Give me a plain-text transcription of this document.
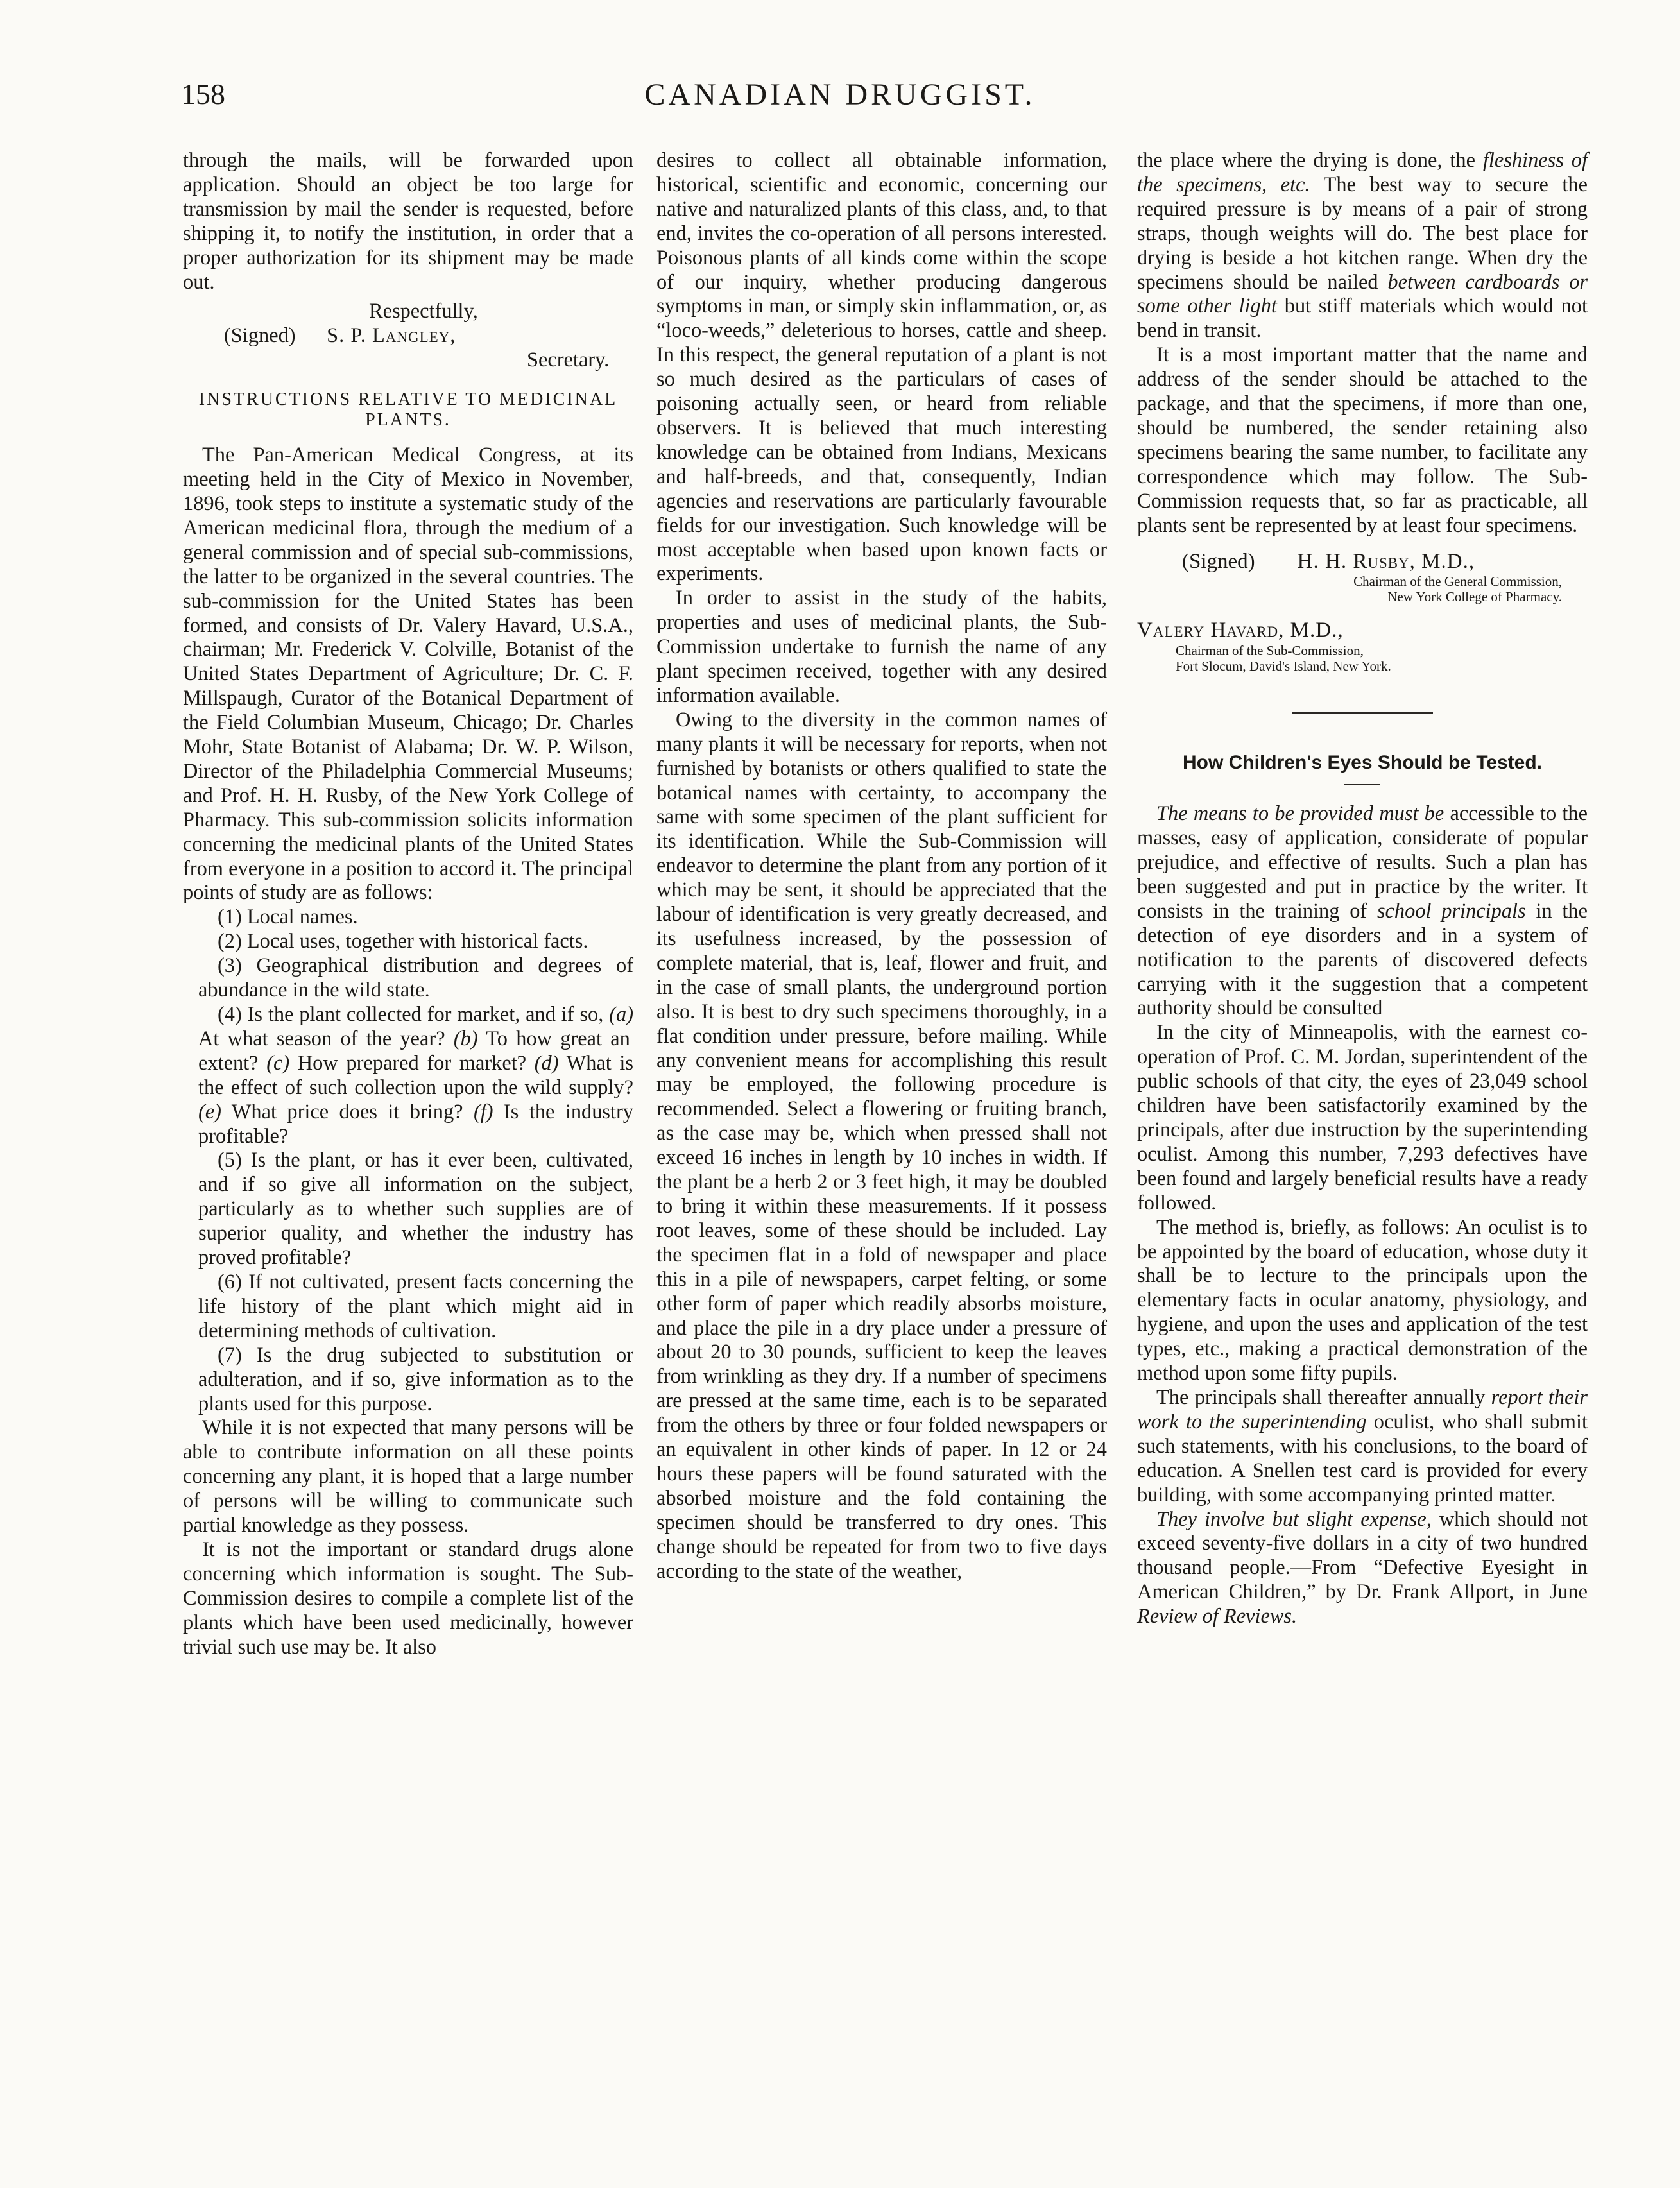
158	CANADIAN DRUGGIST.

through the mails, will be forwarded upon application. Should an object be too large for transmission by mail the sender is requested, before shipping it, to notify the institution, in order that a proper authorization for its shipment may be made out.

Respectfully,
(Signed) S. P. Langley,
Secretary.
INSTRUCTIONS RELATIVE TO MEDICINAL PLANTS.

The Pan-American Medical Congress, at its meeting held in the City of Mexico in November, 1896, took steps to institute a systematic study of the American medicinal flora, through the medium of a general commission and of special sub-commissions, the latter to be organized in the several countries. The sub-commission for the United States has been formed, and consists of Dr. Valery Havard, U.S.A., chairman; Mr. Frederick V. Colville, Botanist of the United States Department of Agriculture; Dr. C. F. Millspaugh, Curator of the Botanical Department of the Field Columbian Museum, Chicago; Dr. Charles Mohr, State Botanist of Alabama; Dr. W. P. Wilson, Director of the Philadelphia Commercial Museums; and Prof. H. H. Rusby, of the New York College of Pharmacy. This sub-commission solicits information concerning the medicinal plants of the United States from everyone in a position to accord it. The principal points of study are as follows:

(1) Local names.

(2) Local uses, together with historical facts.

(3) Geographical distribution and degrees of abundance in the wild state.

(4) Is the plant collected for market, and if so, (a) At what season of the year? (b) To how great an extent? (c) How prepared for market? (d) What is the effect of such collection upon the wild supply? (e) What price does it bring? (f) Is the industry profitable?

(5) Is the plant, or has it ever been, cultivated, and if so give all information on the subject, particularly as to whether such supplies are of superior quality, and whether the industry has proved profitable?

(6) If not cultivated, present facts concerning the life history of the plant which might aid in determining methods of cultivation.

(7) Is the drug subjected to substitution or adulteration, and if so, give information as to the plants used for this purpose.

While it is not expected that many persons will be able to contribute information on all these points concerning any plant, it is hoped that a large number of persons will be willing to communicate such partial knowledge as they possess.

It is not the important or standard drugs alone concerning which information is sought. The Sub-Commission desires to compile a complete list of the plants which have been used medicinally, however trivial such use may be. It also

desires to collect all obtainable information, historical, scientific and economic, concerning our native and naturalized plants of this class, and, to that end, invites the co-operation of all persons interested. Poisonous plants of all kinds come within the scope of our inquiry, whether producing dangerous symptoms in man, or simply skin inflammation, or, as “loco-weeds,” deleterious to horses, cattle and sheep. In this respect, the general reputation of a plant is not so much desired as the particulars of cases of poisoning actually seen, or heard from reliable observers. It is believed that much interesting knowledge can be obtained from Indians, Mexicans and half-breeds, and that, consequently, Indian agencies and reservations are particularly favourable fields for our investigation. Such knowledge will be most acceptable when based upon known facts or experiments.

In order to assist in the study of the habits, properties and uses of medicinal plants, the Sub-Commission undertake to furnish the name of any plant specimen received, together with any desired information available.

Owing to the diversity in the common names of many plants it will be necessary for reports, when not furnished by botanists or others qualified to state the botanical names with certainty, to accompany the same with some specimen of the plant sufficient for its identification. While the Sub-Commission will endeavor to determine the plant from any portion of it which may be sent, it should be appreciated that the labour of identification is very greatly decreased, and its usefulness increased, by the possession of complete material, that is, leaf, flower and fruit, and in the case of small plants, the underground portion also. It is best to dry such specimens thoroughly, in a flat condition under pressure, before mailing. While any convenient means for accomplishing this result may be employed, the following procedure is recommended. Select a flowering or fruiting branch, as the case may be, which when pressed shall not exceed 16 inches in length by 10 inches in width. If the plant be a herb 2 or 3 feet high, it may be doubled to bring it within these measurements. If it possess root leaves, some of these should be included. Lay the specimen flat in a fold of newspaper and place this in a pile of newspapers, carpet felting, or some other form of paper which readily absorbs moisture, and place the pile in a dry place under a pressure of about 20 to 30 pounds, sufficient to keep the leaves from wrinkling as they dry. If a number of specimens are pressed at the same time, each is to be separated from the others by three or four folded newspapers or an equivalent in other kinds of paper. In 12 or 24 hours these papers will be found saturated with the absorbed moisture and the fold containing the specimen should be transferred to dry ones. This change should be repeated for from two to five days according to the state of the weather,

the place where the drying is done, the fleshiness of the specimens, etc. The best way to secure the required pressure is by means of a pair of strong straps, though weights will do. The best place for drying is beside a hot kitchen range. When dry the specimens should be nailed between cardboards or some other light but stiff materials which would not bend in transit.

It is a most important matter that the name and address of the sender should be attached to the package, and that the specimens, if more than one, should be numbered, the sender retaining also specimens bearing the same number, to facilitate any correspondence which may follow. The Sub-Commission requests that, so far as practicable, all plants sent be represented by at least four specimens.

(Signed) H. H. Rusby, M.D.,
Chairman of the General Commission,
New York College of Pharmacy.
Valery Havard, M.D.,
Chairman of the Sub-Commission,
Fort Slocum, David's Island, New York.
How Children's Eyes Should be Tested.

The means to be provided must be accessible to the masses, easy of application, considerate of popular prejudice, and effective of results. Such a plan has been suggested and put in practice by the writer. It consists in the training of school principals in the detection of eye disorders and in a system of notification to the parents of discovered defects carrying with it the suggestion that a competent authority should be consulted

In the city of Minneapolis, with the earnest co-operation of Prof. C. M. Jordan, superintendent of the public schools of that city, the eyes of 23,049 school children have been satisfactorily examined by the principals, after due instruction by the superintending oculist. Among this number, 7,293 defectives have been found and largely beneficial results have a ready followed.

The method is, briefly, as follows: An oculist is to be appointed by the board of education, whose duty it shall be to lecture to the principals upon the elementary facts in ocular anatomy, physiology, and hygiene, and upon the uses and application of the test types, etc., making a practical demonstration of the method upon some fifty pupils.

The principals shall thereafter annually report their work to the superintending oculist, who shall submit such statements, with his conclusions, to the board of education. A Snellen test card is provided for every building, with some accompanying printed matter.

They involve but slight expense, which should not exceed seventy-five dollars in a city of two hundred thousand people.—From “Defective Eyesight in American Children,” by Dr. Frank Allport, in June Review of Reviews.
